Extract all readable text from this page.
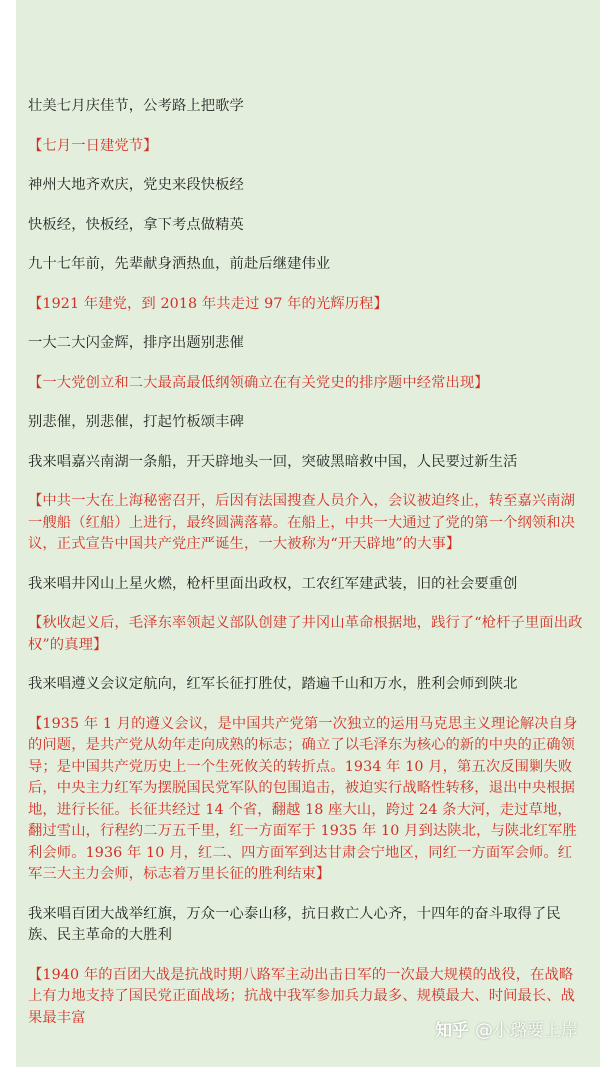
壮美七月庆佳节，公考路上把歌学

【七月一日建党节】

神州大地齐欢庆，党史来段快板经

快板经，快板经，拿下考点做精英

九十七年前，先辈献身洒热血，前赴后继建伟业

【1921 年建党，到 2018 年共走过 97 年的光辉历程】

一大二大闪金辉，排序出题别悲催

【一大党创立和二大最高最低纲领确立在有关党史的排序题中经常出现】

别悲催，别悲催，打起竹板颂丰碑

我来唱嘉兴南湖一条船，开天辟地头一回，突破黑暗救中国，人民要过新生活

【中共一大在上海秘密召开，后因有法国搜查人员介入，会议被迫终止，转至嘉兴南湖一艘船（红船）上进行，最终圆满落幕。在船上，中共一大通过了党的第一个纲领和决议，正式宣告中国共产党庄严诞生，一大被称为“开天辟地”的大事】

我来唱井冈山上星火燃，枪杆里面出政权，工农红军建武装，旧的社会要重创

【秋收起义后，毛泽东率领起义部队创建了井冈山革命根据地，践行了“枪杆子里面出政权”的真理】

我来唱遵义会议定航向，红军长征打胜仗，踏遍千山和万水，胜利会师到陕北

【1935 年 1 月的遵义会议，是中国共产党第一次独立的运用马克思主义理论解决自身的问题，是共产党从幼年走向成熟的标志；确立了以毛泽东为核心的新的中央的正确领导；是中国共产党历史上一个生死攸关的转折点。1934 年 10 月，第五次反围剿失败后，中央主力红军为摆脱国民党军队的包围追击，被迫实行战略性转移，退出中央根据地，进行长征。长征共经过 14 个省，翻越 18 座大山，跨过 24 条大河，走过草地，翻过雪山，行程约二万五千里，红一方面军于 1935 年 10 月到达陕北，与陕北红军胜利会师。1936 年 10 月，红二、四方面军到达甘肃会宁地区，同红一方面军会师。红军三大主力会师，标志着万里长征的胜利结束】

我来唱百团大战举红旗，万众一心泰山移，抗日救亡人心齐，十四年的奋斗取得了民族、民主革命的大胜利

【1940 年的百团大战是抗战时期八路军主动出击日军的一次最大规模的战役，在战略上有力地支持了国民党正面战场；抗战中我军参加兵力最多、规模最大、时间最长、战果最丰富

知乎 @小璐要上岸
